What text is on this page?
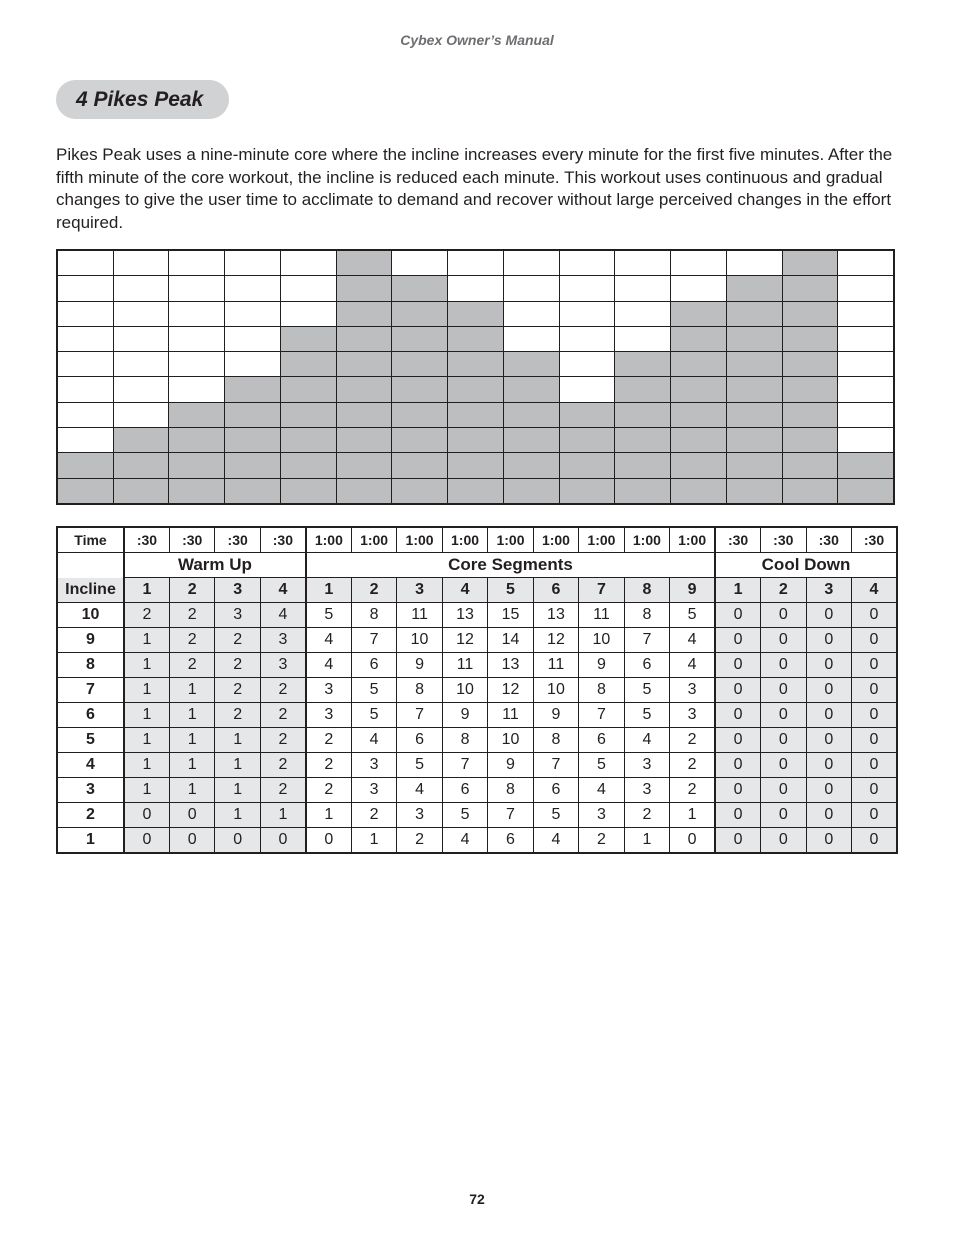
Cybex Owner’s Manual
4 Pikes Peak

Pikes Peak uses a nine-minute core where the incline increases every minute for the first five minutes. After the fifth minute of the core workout, the incline is reduced each minute. This workout uses continuous and gradual changes to give the user time to acclimate to demand and recover without large perceived changes in the effort required.

Time	:30	:30	:30	:30	1:00	1:00	1:00	1:00	1:00	1:00	1:00	1:00	1:00	:30	:30	:30	:30
	Warm Up				Core Segments									Cool Down			
Incline	1	2	3	4	1	2	3	4	5	6	7	8	9	1	2	3	4
10	2	2	3	4	5	8	11	13	15	13	11	8	5	0	0	0	0
9	1	2	2	3	4	7	10	12	14	12	10	7	4	0	0	0	0
8	1	2	2	3	4	6	9	11	13	11	9	6	4	0	0	0	0
7	1	1	2	2	3	5	8	10	12	10	8	5	3	0	0	0	0
6	1	1	2	2	3	5	7	9	11	9	7	5	3	0	0	0	0
5	1	1	1	2	2	4	6	8	10	8	6	4	2	0	0	0	0
4	1	1	1	2	2	3	5	7	9	7	5	3	2	0	0	0	0
3	1	1	1	2	2	3	4	6	8	6	4	3	2	0	0	0	0
2	0	0	1	1	1	2	3	5	7	5	3	2	1	0	0	0	0
1	0	0	0	0	0	1	2	4	6	4	2	1	0	0	0	0	0
72
